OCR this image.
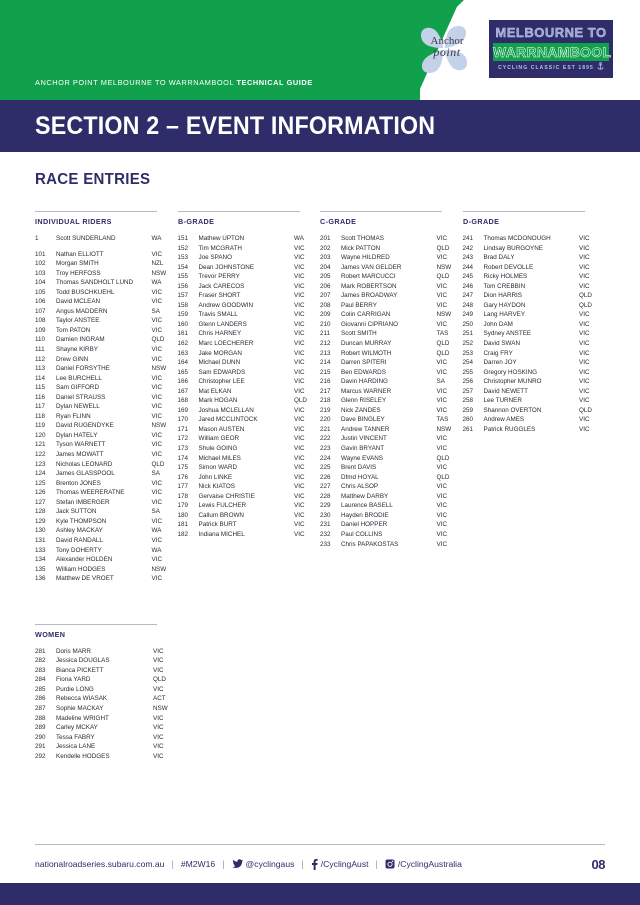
ANCHOR POINT MELBOURNE TO WARRNAMBOOL TECHNICAL GUIDE
Anchor
point
MELBOURNE TO
WARRNAMBOOL
CYCLING CLASSIC EST 1895
SECTION 2 – EVENT INFORMATION
RACE ENTRIES
INDIVIDUAL RIDERS
1	Scott SUNDERLAND	WA
101	Nathan ELLIOTT	VIC
102	Morgan SMITH	NZL
103	Troy HERFOSS	NSW
104	Thomas SANDHOLT LUND	WA
105	Todd BUSCHKUEHL	VIC
106	David MCLEAN	VIC
107	Angus MADDERN	SA
108	Taylor ANSTEE	VIC
109	Tom PATON	VIC
110	Damien INGRAM	QLD
111	Shayne KIRBY	VIC
112	Drew GINN	VIC
113	Daniel FORSYTHE	NSW
114	Lee BURCHELL	VIC
115	Sam GIFFORD	VIC
116	Daniel STRAUSS	VIC
117	Dylan NEWELL	VIC
118	Ryan FLINN	VIC
119	David RUGENDYKE	NSW
120	Dylan HATELY	VIC
121	Tyson WARNETT	VIC
122	James MOWATT	VIC
123	Nicholas LEONARD	QLD
124	James GLASSPOOL	SA
125	Brenton JONES	VIC
126	Thomas WEERERATNE	VIC
127	Stefan IMBERGER	VIC
128	Jack SUTTON	SA
129	Kyle THOMPSON	VIC
130	Ashley MACKAY	WA
131	David RANDALL	VIC
133	Tony DOHERTY	WA
134	Alexander HOLDEN	VIC
135	William HODGES	NSW
136	Matthew DE VROET	VIC
B-GRADE
151	Mathew UPTON	WA
152	Tim MCGRATH	VIC
153	Joe SPANO	VIC
154	Dean JOHNSTONE	VIC
155	Trevor PERRY	VIC
156	Jack CARECOS	VIC
157	Fraser SHORT	VIC
158	Andrew GOODWIN	VIC
159	Travis SMALL	VIC
160	Glenn LANDERS	VIC
161	Chris HARNEY	VIC
162	Marc LOECHERER	VIC
163	Jake MORGAN	VIC
164	Michael DUNN	VIC
165	Sam EDWARDS	VIC
166	Christopher LEE	VIC
167	Mat ELKAN	VIC
168	Mark HOGAN	QLD
169	Joshua MCLELLAN	VIC
170	Jared MCCLINTOCK	VIC
171	Mason AUSTEN	VIC
172	William GEOR	VIC
173	Shule GOING	VIC
174	Michael MILES	VIC
175	Simon WARD	VIC
176	John LINKE	VIC
177	Nick KIATOS	VIC
178	Gervaise CHRISTIE	VIC
179	Lewis FULCHER	VIC
180	Callum BROWN	VIC
181	Patrick BURT	VIC
182	Indiana MICHEL	VIC
C-GRADE
201	Scott THOMAS	VIC
202	Mick PATTON	QLD
203	Wayne HILDRED	VIC
204	James VAN GELDER	NSW
205	Robert MARCUCCI	QLD
206	Mark ROBERTSON	VIC
207	James BROADWAY	VIC
208	Paul BERRY	VIC
209	Colin CARRIGAN	NSW
210	Giovanni CIPRIANO	VIC
211	Scott SMITH	TAS
212	Duncan MURRAY	QLD
213	Robert WILMOTH	QLD
214	Darren SPITERI	VIC
215	Ben EDWARDS	VIC
216	Davin HARDING	SA
217	Marcus WARNER	VIC
218	Glenn RISELEY	VIC
219	Nick ZANDES	VIC
220	Dave BINGLEY	TAS
221	Andrew TANNER	NSW
222	Justin VINCENT	VIC
223	Gavin BRYANT	VIC
224	Wayne EVANS	QLD
225	Brent DAVIS	VIC
226	Dfmd HOYAL	QLD
227	Chris ALSOP	VIC
228	Matthew DARBY	VIC
229	Laurence BASELL	VIC
230	Hayden BRODIE	VIC
231	Daniel HOPPER	VIC
232	Paul COLLINS	VIC
233	Chris PAPAKOSTAS	VIC
D-GRADE
241	Thomas MCDONOUGH	VIC
242	Lindsay BURGOYNE	VIC
243	Brad DALY	VIC
244	Robert DEVOLLE	VIC
245	Ricky HOLMES	VIC
246	Tom CREBBIN	VIC
247	Dion HARRIS	QLD
248	Gary HAYDON	QLD
249	Lang HARVEY	VIC
250	John DAM	VIC
251	Sydney ANSTEE	VIC
252	David SWAN	VIC
253	Craig FRY	VIC
254	Darren JOY	VIC
255	Gregory HOSKING	VIC
256	Christopher MUNRO	VIC
257	David NEWETT	VIC
258	Lee TURNER	VIC
259	Shannon OVERTON	QLD
260	Andrew AMES	VIC
261	Patrick RUGGLES	VIC
WOMEN
281	Doris MARR	VIC
282	Jessica DOUGLAS	VIC
283	Bianca PICKETT	VIC
284	Fiona YARD	QLD
285	Purdie LONG	VIC
286	Rebecca WIASAK	ACT
287	Sophie MACKAY	NSW
288	Madeline WRIGHT	VIC
289	Carley MCKAY	VIC
290	Tessa FABRY	VIC
291	Jessica LANE	VIC
292	Kendelle HODGES	VIC
nationalroadseries.subaru.com.au | #M2W16 | @cyclingaus | /CyclingAust | /CyclingAustralia	08
